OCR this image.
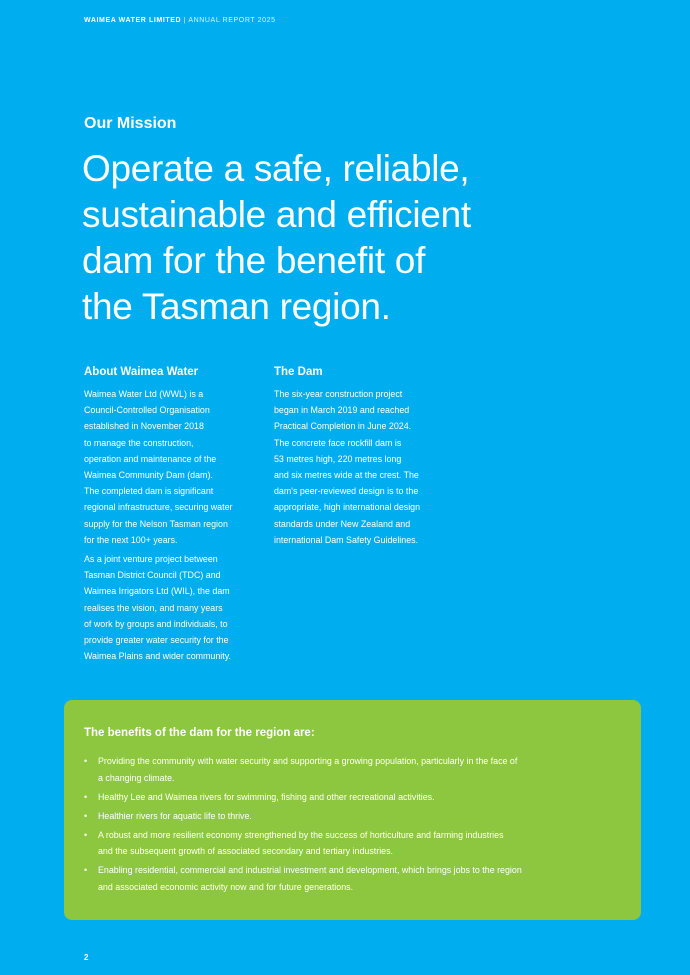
WAIMEA WATER LIMITED | ANNUAL REPORT 2025
Our Mission
Operate a safe, reliable,
sustainable and efficient
dam for the benefit of
the Tasman region.
About Waimea Water

Waimea Water Ltd (WWL) is a
Council-Controlled Organisation
established in November 2018
to manage the construction,
operation and maintenance of the
Waimea Community Dam (dam).
The completed dam is significant
regional infrastructure, securing water
supply for the Nelson Tasman region
for the next 100+ years.

As a joint venture project between
Tasman District Council (TDC) and
Waimea Irrigators Ltd (WIL), the dam
realises the vision, and many years
of work by groups and individuals, to
provide greater water security for the
Waimea Plains and wider community.

The Dam

The six-year construction project
began in March 2019 and reached
Practical Completion in June 2024.
The concrete face rockfill dam is
53 metres high, 220 metres long
and six metres wide at the crest. The
dam's peer-reviewed design is to the
appropriate, high international design
standards under New Zealand and
international Dam Safety Guidelines.

The benefits of the dam for the region are:
• Providing the community with water security and supporting a growing population, particularly in the face of
a changing climate.
• Healthy Lee and Waimea rivers for swimming, fishing and other recreational activities.
• Healthier rivers for aquatic life to thrive.
• A robust and more resilient economy strengthened by the success of horticulture and farming industries
and the subsequent growth of associated secondary and tertiary industries.
• Enabling residential, commercial and industrial investment and development, which brings jobs to the region
and associated economic activity now and for future generations.
2
